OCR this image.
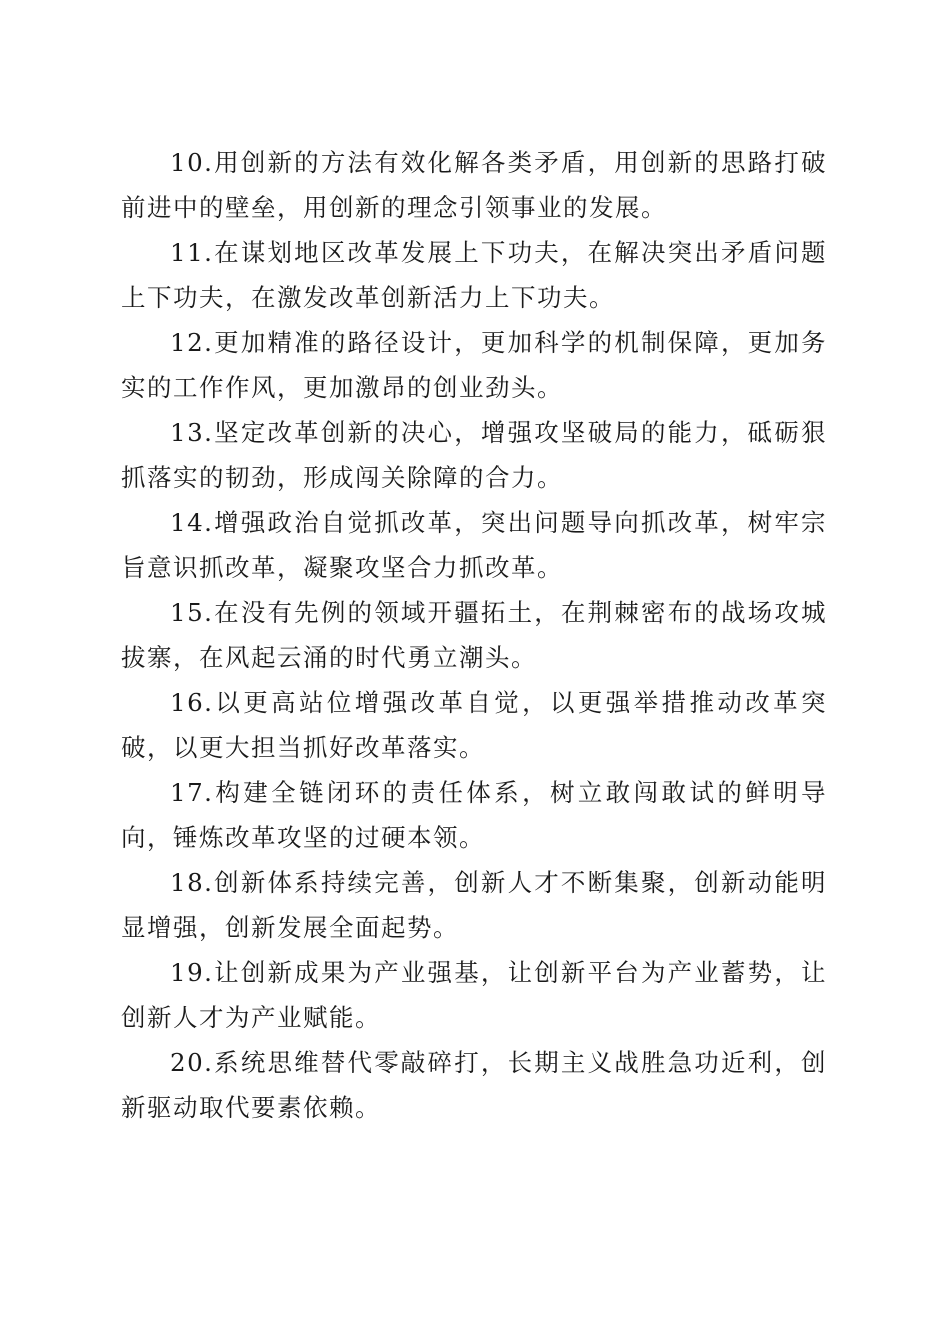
10.用创新的方法有效化解各类矛盾，用创新的思路打破前进中的壁垒，用创新的理念引领事业的发展。

11.在谋划地区改革发展上下功夫，在解决突出矛盾问题上下功夫，在激发改革创新活力上下功夫。

12.更加精准的路径设计，更加科学的机制保障，更加务实的工作作风，更加激昂的创业劲头。

13.坚定改革创新的决心，增强攻坚破局的能力，砥砺狠抓落实的韧劲，形成闯关除障的合力。

14.增强政治自觉抓改革，突出问题导向抓改革，树牢宗旨意识抓改革，凝聚攻坚合力抓改革。

15.在没有先例的领域开疆拓土，在荆棘密布的战场攻城拔寨，在风起云涌的时代勇立潮头。

16.以更高站位增强改革自觉，以更强举措推动改革突破，以更大担当抓好改革落实。

17.构建全链闭环的责任体系，树立敢闯敢试的鲜明导向，锤炼改革攻坚的过硬本领。

18.创新体系持续完善，创新人才不断集聚，创新动能明显增强，创新发展全面起势。

19.让创新成果为产业强基，让创新平台为产业蓄势，让创新人才为产业赋能。

20.系统思维替代零敲碎打，长期主义战胜急功近利，创新驱动取代要素依赖。
